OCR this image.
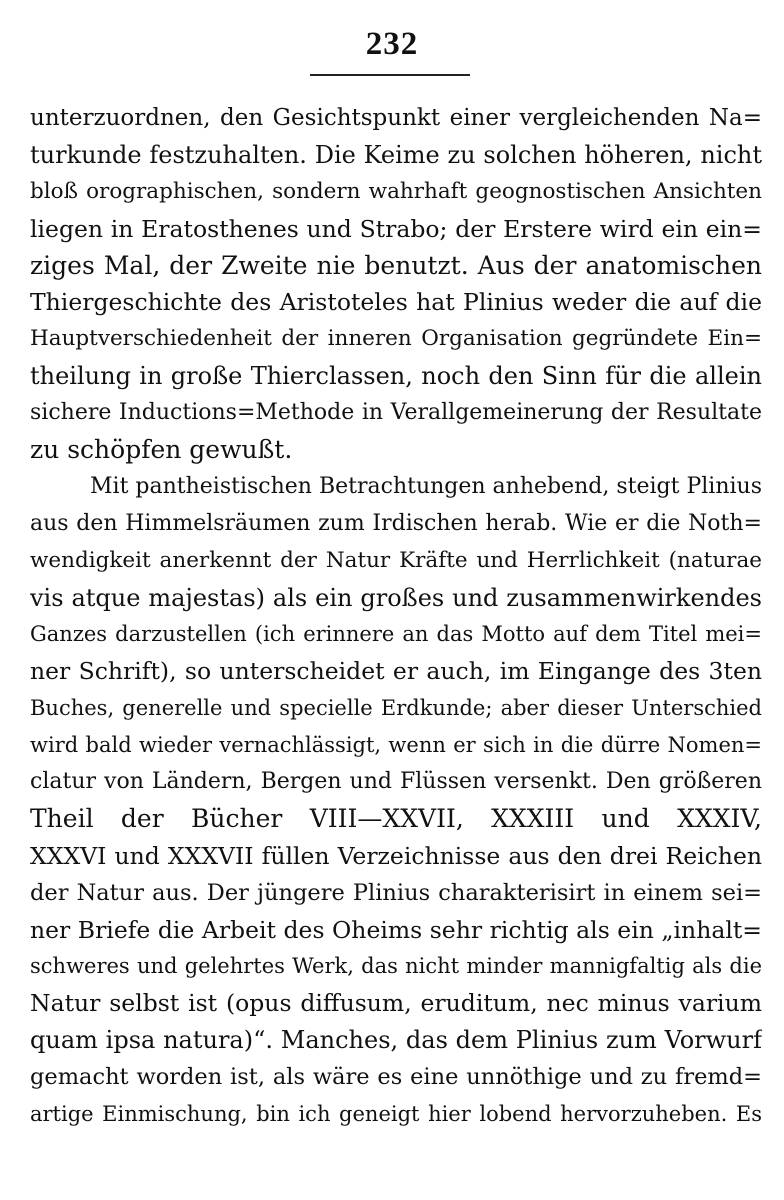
232
unterzuordnen, den Gesichtspunkt einer vergleichenden Na=
turkunde festzuhalten. Die Keime zu solchen höheren, nicht
bloß orographischen, sondern wahrhaft geognostischen Ansichten
liegen in Eratosthenes und Strabo; der Erstere wird ein ein=
ziges Mal, der Zweite nie benutzt. Aus der anatomischen
Thiergeschichte des Aristoteles hat Plinius weder die auf die
Hauptverschiedenheit der inneren Organisation gegründete Ein=
theilung in große Thierclassen, noch den Sinn für die allein
sichere Inductions=Methode in Verallgemeinerung der Resultate
zu schöpfen gewußt.
Mit pantheistischen Betrachtungen anhebend, steigt Plinius
aus den Himmelsräumen zum Irdischen herab. Wie er die Noth=
wendigkeit anerkennt der Natur Kräfte und Herrlichkeit (naturae
vis atque majestas) als ein großes und zusammenwirkendes
Ganzes darzustellen (ich erinnere an das Motto auf dem Titel mei=
ner Schrift), so unterscheidet er auch, im Eingange des 3ten
Buches, generelle und specielle Erdkunde; aber dieser Unterschied
wird bald wieder vernachlässigt, wenn er sich in die dürre Nomen=
clatur von Ländern, Bergen und Flüssen versenkt. Den größeren
Theil der Bücher VIII—XXVII, XXXIII und XXXIV,
XXXVI und XXXVII füllen Verzeichnisse aus den drei Reichen
der Natur aus. Der jüngere Plinius charakterisirt in einem sei=
ner Briefe die Arbeit des Oheims sehr richtig als ein „inhalt=
schweres und gelehrtes Werk, das nicht minder mannigfaltig als die
Natur selbst ist (opus diffusum, eruditum, nec minus varium
quam ipsa natura)“. Manches, das dem Plinius zum Vorwurf
gemacht worden ist, als wäre es eine unnöthige und zu fremd=
artige Einmischung, bin ich geneigt hier lobend hervorzuheben. Es
